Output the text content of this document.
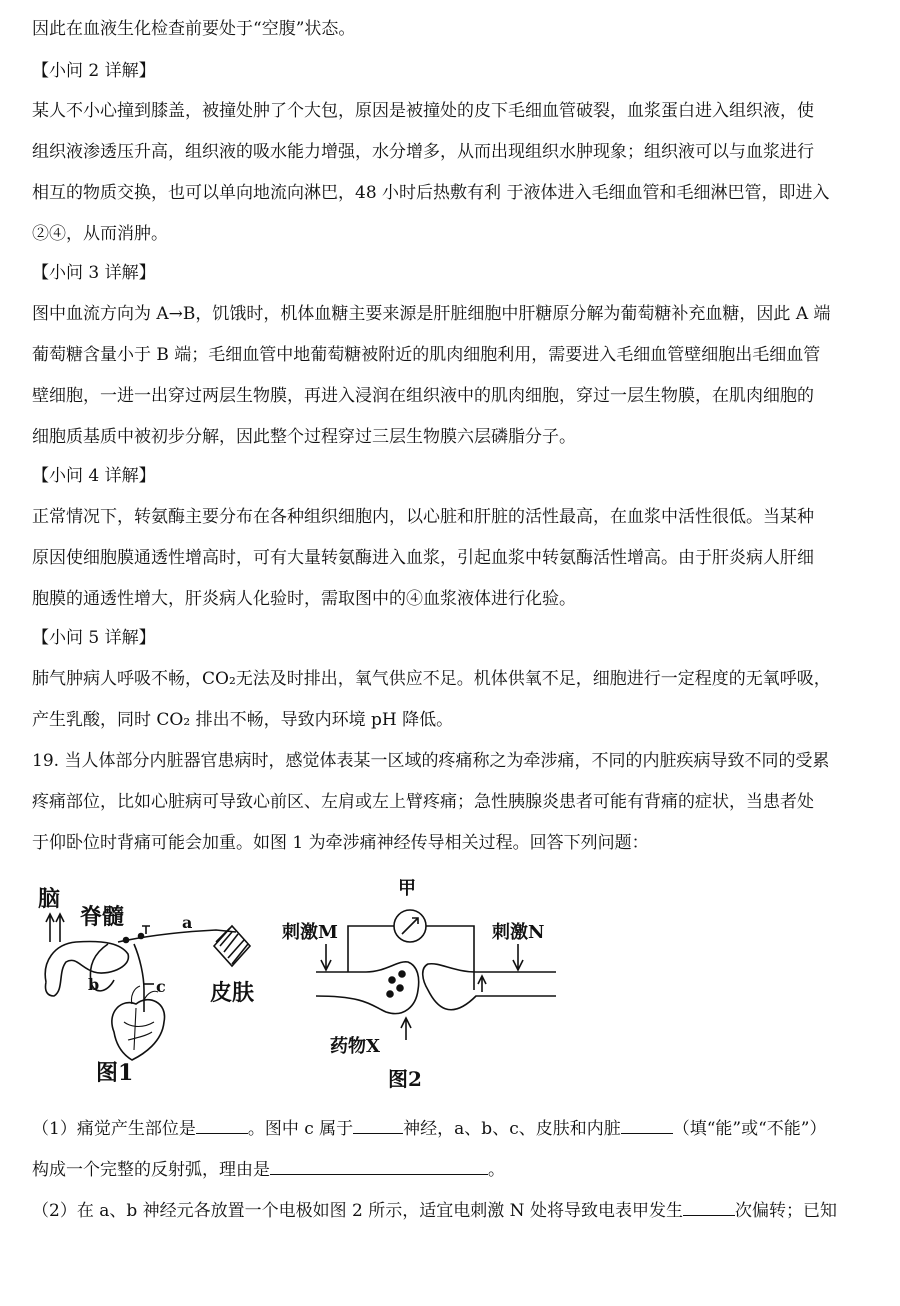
因此在血液生化检查前要处于“空腹”状态。
【小问 2 详解】
某人不小心撞到膝盖，被撞处肿了个大包，原因是被撞处的皮下毛细血管破裂，血浆蛋白进入组织液，使
组织液渗透压升高，组织液的吸水能力增强，水分增多，从而出现组织水肿现象；组织液可以与血浆进行
相互的物质交换，也可以单向地流向淋巴，48 小时后热敷有利 于液体进入毛细血管和毛细淋巴管，即进入
②④，从而消肿。
【小问 3 详解】
图中血流方向为 A→B，饥饿时，机体血糖主要来源是肝脏细胞中肝糖原分解为葡萄糖补充血糖，因此 A 端
葡萄糖含量小于 B 端；毛细血管中地葡萄糖被附近的肌肉细胞利用，需要进入毛细血管壁细胞出毛细血管
壁细胞，一进一出穿过两层生物膜，再进入浸润在组织液中的肌肉细胞，穿过一层生物膜，在肌肉细胞的
细胞质基质中被初步分解，因此整个过程穿过三层生物膜六层磷脂分子。
【小问 4 详解】
正常情况下，转氨酶主要分布在各种组织细胞内，以心脏和肝脏的活性最高，在血浆中活性很低。当某种
原因使细胞膜通透性增高时，可有大量转氨酶进入血浆，引起血浆中转氨酶活性增高。由于肝炎病人肝细
胞膜的通透性增大，肝炎病人化验时，需取图中的④血浆液体进行化验。
【小问 5 详解】
肺气肿病人呼吸不畅，CO₂无法及时排出，氧气供应不足。机体供氧不足，细胞进行一定程度的无氧呼吸，
产生乳酸，同时 CO₂ 排出不畅，导致内环境 pH 降低。
19. 当人体部分内脏器官患病时，感觉体表某一区域的疼痛称之为牵涉痛，不同的内脏疾病导致不同的受累
疼痛部位，比如心脏病可导致心前区、左肩或左上臂疼痛；急性胰腺炎患者可能有背痛的症状，当患者处
于仰卧位时背痛可能会加重。如图 1 为牵涉痛神经传导相关过程。回答下列问题：
脑
脊髓
b
a
皮肤
c
图1
甲
刺激M	刺激N
药物X
图2
（1）痛觉产生部位是	。图中 c 属于	神经，a、b、c、皮肤和内脏	（填“能”或“不能”）
构成一个完整的反射弧，理由是	。
（2）在 a、b 神经元各放置一个电极如图 2 所示，适宜电刺激 N 处将导致电表甲发生	次偏转；已知
